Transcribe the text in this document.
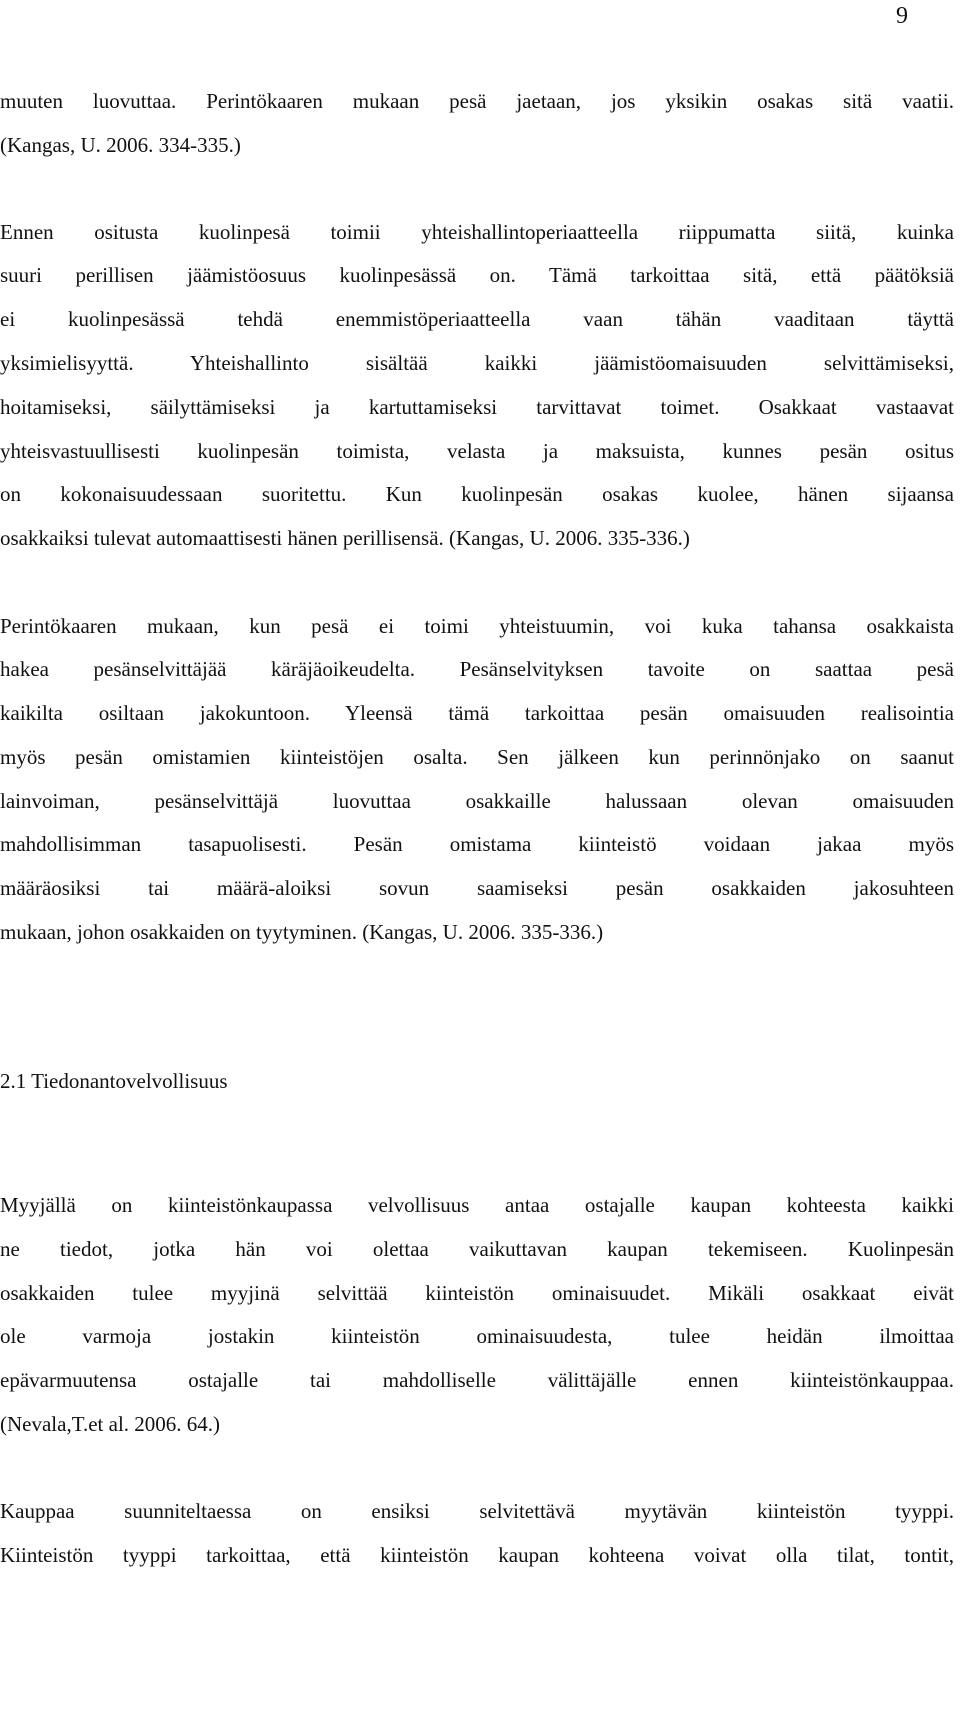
9
muuten luovuttaa. Perintökaaren mukaan pesä jaetaan, jos yksikin osakas sitä vaatii.
(Kangas, U. 2006. 334-335.)
Ennen ositusta kuolinpesä toimii yhteishallintoperiaatteella riippumatta siitä, kuinka
suuri perillisen jäämistöosuus kuolinpesässä on. Tämä tarkoittaa sitä, että päätöksiä
ei kuolinpesässä tehdä enemmistöperiaatteella vaan tähän vaaditaan täyttä
yksimielisyyttä. Yhteishallinto sisältää kaikki jäämistöomaisuuden selvittämiseksi,
hoitamiseksi, säilyttämiseksi ja kartuttamiseksi tarvittavat toimet. Osakkaat vastaavat
yhteisvastuullisesti kuolinpesän toimista, velasta ja maksuista, kunnes pesän ositus
on kokonaisuudessaan suoritettu. Kun kuolinpesän osakas kuolee, hänen sijaansa
osakkaiksi tulevat automaattisesti hänen perillisensä. (Kangas, U. 2006. 335-336.)
Perintökaaren mukaan, kun pesä ei toimi yhteistuumin, voi kuka tahansa osakkaista
hakea pesänselvittäjää käräjäoikeudelta. Pesänselvityksen tavoite on saattaa pesä
kaikilta osiltaan jakokuntoon. Yleensä tämä tarkoittaa pesän omaisuuden realisointia
myös pesän omistamien kiinteistöjen osalta. Sen jälkeen kun perinnönjako on saanut
lainvoiman, pesänselvittäjä luovuttaa osakkaille halussaan olevan omaisuuden
mahdollisimman tasapuolisesti. Pesän omistama kiinteistö voidaan jakaa myös
määräosiksi tai määrä-aloiksi sovun saamiseksi pesän osakkaiden jakosuhteen
mukaan, johon osakkaiden on tyytyminen. (Kangas, U. 2006. 335-336.)
2.1 Tiedonantovelvollisuus
Myyjällä on kiinteistönkaupassa velvollisuus antaa ostajalle kaupan kohteesta kaikki
ne tiedot, jotka hän voi olettaa vaikuttavan kaupan tekemiseen. Kuolinpesän
osakkaiden tulee myyjinä selvittää kiinteistön ominaisuudet. Mikäli osakkaat eivät
ole varmoja jostakin kiinteistön ominaisuudesta, tulee heidän ilmoittaa
epävarmuutensa ostajalle tai mahdolliselle välittäjälle ennen kiinteistönkauppaa.
(Nevala,T.et al. 2006. 64.)
Kauppaa suunniteltaessa on ensiksi selvitettävä myytävän kiinteistön tyyppi.
Kiinteistön tyyppi tarkoittaa, että kiinteistön kaupan kohteena voivat olla tilat, tontit,
